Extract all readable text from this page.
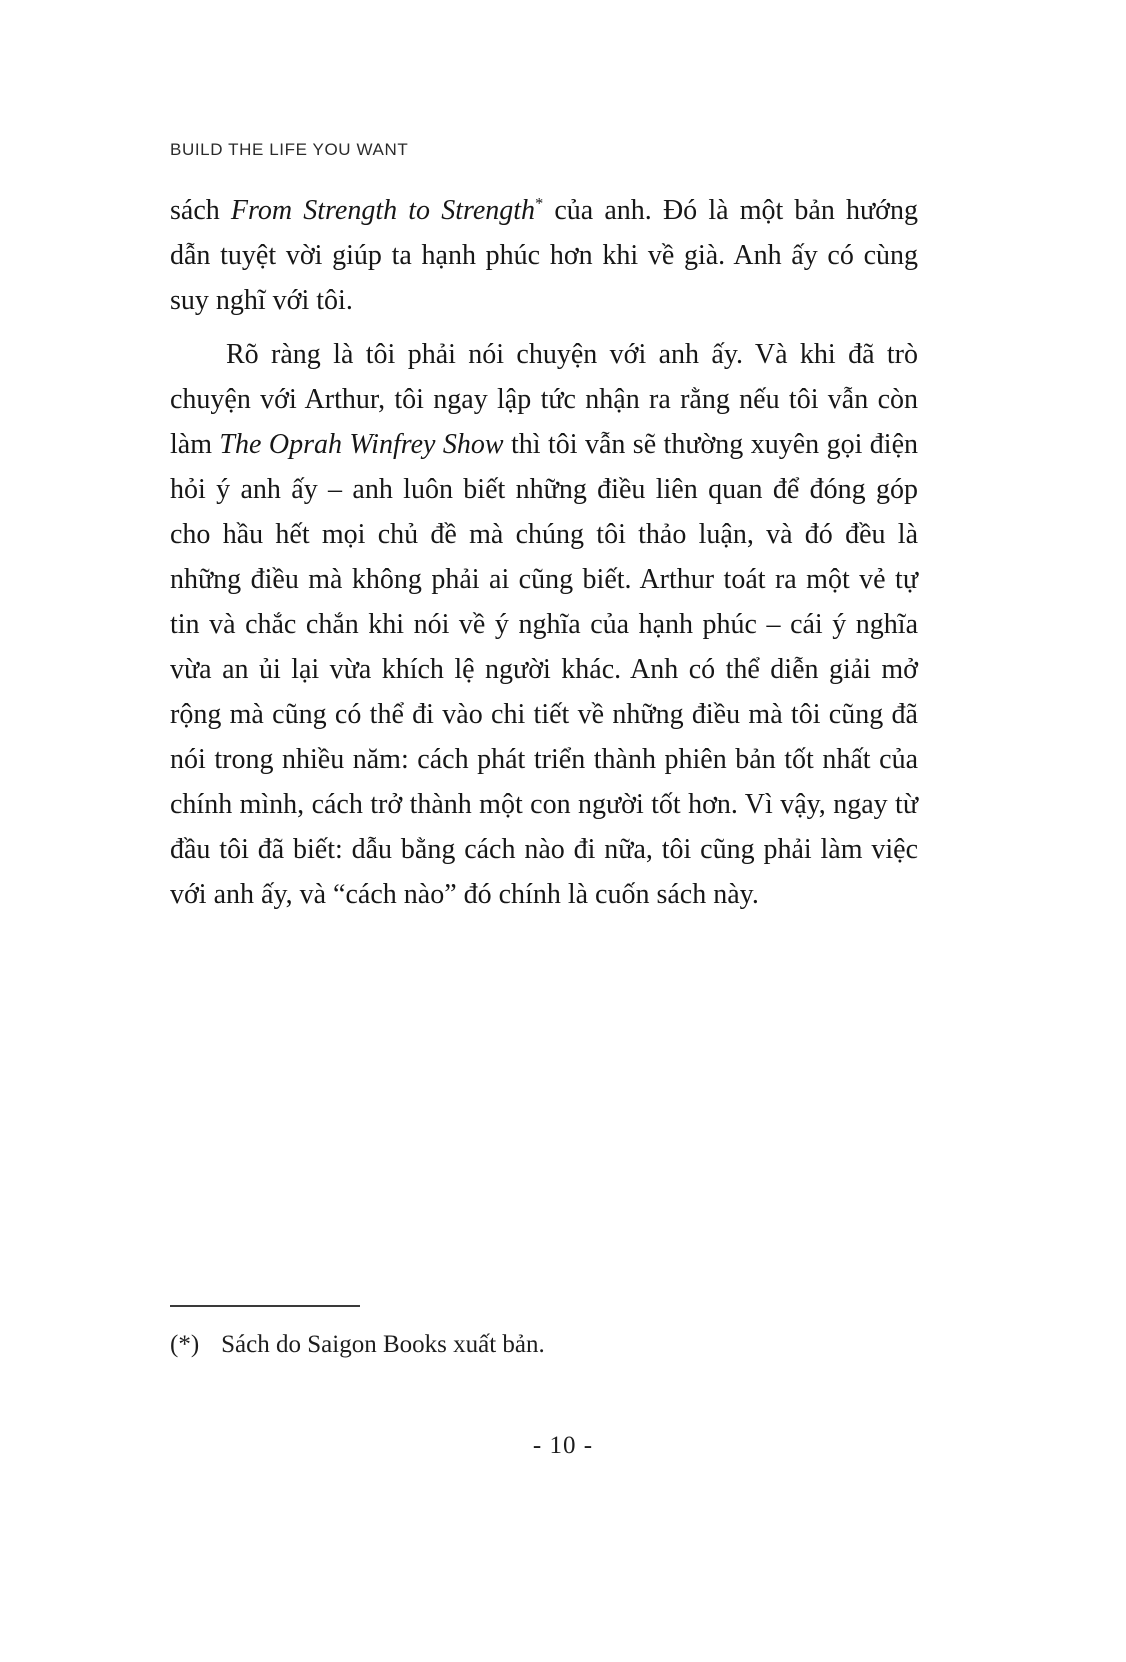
BUILD THE LIFE YOU WANT

sách From Strength to Strength* của anh. Đó là một bản hướng dẫn tuyệt vời giúp ta hạnh phúc hơn khi về già. Anh ấy có cùng suy nghĩ với tôi.

Rõ ràng là tôi phải nói chuyện với anh ấy. Và khi đã trò chuyện với Arthur, tôi ngay lập tức nhận ra rằng nếu tôi vẫn còn làm The Oprah Winfrey Show thì tôi vẫn sẽ thường xuyên gọi điện hỏi ý anh ấy – anh luôn biết những điều liên quan để đóng góp cho hầu hết mọi chủ đề mà chúng tôi thảo luận, và đó đều là những điều mà không phải ai cũng biết. Arthur toát ra một vẻ tự tin và chắc chắn khi nói về ý nghĩa của hạnh phúc – cái ý nghĩa vừa an ủi lại vừa khích lệ người khác. Anh có thể diễn giải mở rộng mà cũng có thể đi vào chi tiết về những điều mà tôi cũng đã nói trong nhiều năm: cách phát triển thành phiên bản tốt nhất của chính mình, cách trở thành một con người tốt hơn. Vì vậy, ngay từ đầu tôi đã biết: dẫu bằng cách nào đi nữa, tôi cũng phải làm việc với anh ấy, và “cách nào” đó chính là cuốn sách này.

(*) Sách do Saigon Books xuất bản.
- 10 -
